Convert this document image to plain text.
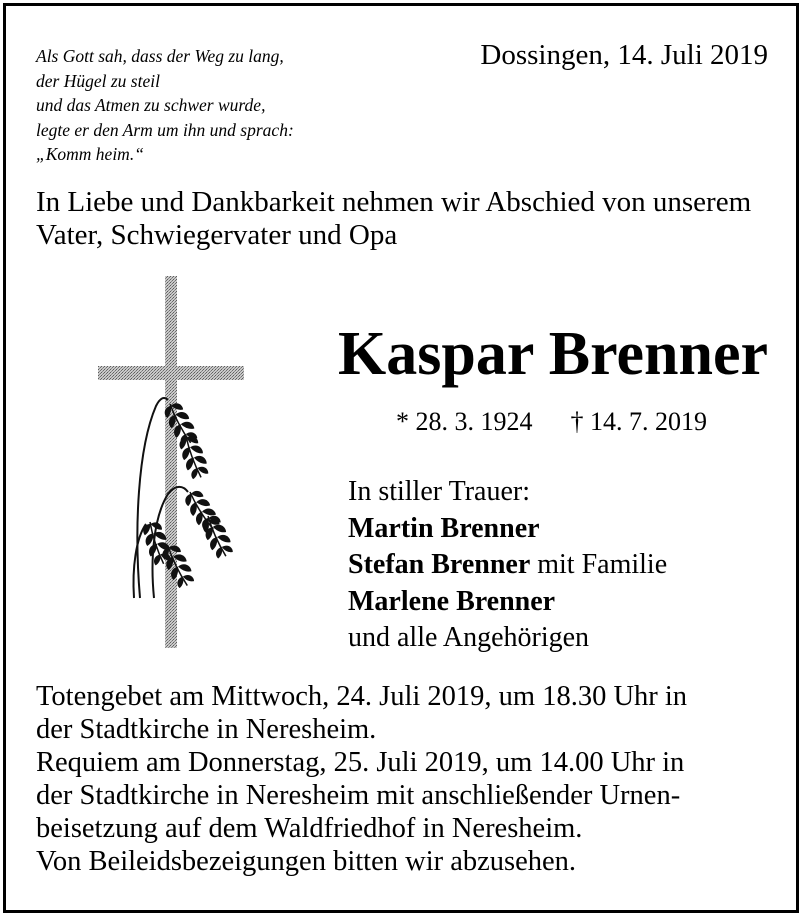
Als Gott sah, dass der Weg zu lang,
der Hügel zu steil
und das Atmen zu schwer wurde,
legte er den Arm um ihn und sprach:
„Komm heim.“
Dossingen, 14. Juli 2019
In Liebe und Dankbarkeit nehmen wir Abschied von unserem
Vater, Schwiegervater und Opa
Kaspar Brenner
* 28. 3. 1924 † 14. 7. 2019
In stiller Trauer:
Martin Brenner
Stefan Brenner mit Familie
Marlene Brenner
und alle Angehörigen
Totengebet am Mittwoch, 24. Juli 2019, um 18.30 Uhr in
der Stadtkirche in Neresheim.
Requiem am Donnerstag, 25. Juli 2019, um 14.00 Uhr in
der Stadtkirche in Neresheim mit anschließender Urnen-
beisetzung auf dem Waldfriedhof in Neresheim.
Von Beileidsbezeigungen bitten wir abzusehen.
